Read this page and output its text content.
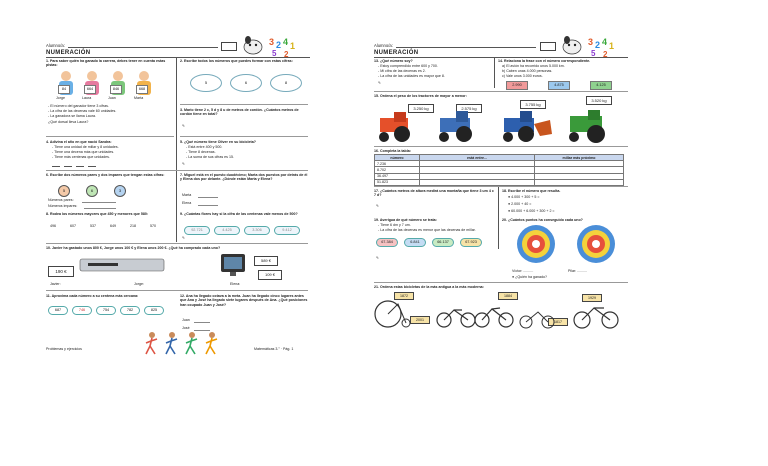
Alumno/a:	3 2 4 1
5 2
NUMERACIÓN
1. Para saber quién ha ganado la carrera, debes tener en cuenta estas pistas:
84	664	846	668
Jorge	Laura	Juan	Marta
- El número del ganador tiene 3 cifras.
- La cifra de las decenas vale 60 unidades.
- La ganadora se llama Laura.
¿Qué dorsal lleva Laura?
2. Escribe todos los números que puedes formar con estas cifras:
5	6	8
3. Mario tiene 2 c, 5 d y 8 u de metros de cordón. ¿Cuántos metros de cordón tiene en total?
✎
4. Adivina el año en que nació Sandra:
- Tiene una unidad de millar y 8 unidades.
- Tiene una decena más que unidades.
- Tiene más centenas que unidades.
5. ¿Qué número tiene Oliver en su bicicleta?
- Está entre 400 y 500.
- Tiene 8 decenas.
- La suma de sus cifras es 15.
✎
6. Escribe dos números pares y dos impares que tengan estas cifras:
5	6	3
Números pares:
Números impares:
7. Miguel está en el puesto duodécimo; Marta dos puestos por detrás de él y Elena dos por delante. ¿Dónde están Marta y Elena?
Marta
Elena
8. Rodea los números mayores que 450 y menores que 580:
496	607	537	649	218	570
9. ¿Cuántas flores hay si la cifra de las centenas vale menos de 500?
92.721	4.425	3.306	9.412
✎
10. Javier ha gastado unos 800 €, Jorge unos 100 € y Elena unos 200 €. ¿Qué ha comprado cada uno?
190 €
589 €
109 €
Javier:	Jorge:	Elena:
11. Aproxima cada número a su centena más cercana:
687	746	754	782	825
12. Ana ha llegado octava a la meta. Juan ha llegado cinco lugares antes que Ana y José ha llegado siete lugares después de Ana. ¿Qué posiciones han ocupado Juan y José?
Juan
José
Problemas y ejercicios	Matemáticas 3.° · Pág. 1
Alumno/a:	3 2 4 1
5 2
NUMERACIÓN
13. ¿Qué número soy?
- Estoy comprendido entre 600 y 700.
- Mi cifra de las decenas es 2.
- La cifra de las unidades es mayor que 8.
✎
14. Relaciona la frase con el número correspondiente.
a) El avión ha recorrido unos 5.000 km.
b) Caben unas 4.000 personas.
c) Vale unos 3.000 euros.
2.990	4.875	4.125
15. Ordena el peso de los tractores de mayor a menor:
3.250 kg	2.575 kg
3.755 kg
3.520 kg
16. Completa la tabla:
número	está entre...	millar más próximo
7.236		
8.702		
36.497		
51.823		
17. ¿Cuántos metros de altura medirá una montaña que tiene 3 um 4 c 7 d?
✎
18. Escribe el número que resulta.
● 4.000 + 300 + 5 =
● 2.000 + 40 =
● 60.000 + 6.000 + 300 + 2 =
19. Averigua de qué número se trata:
- Tiene 6 dm y 7 um.
- La cifra de las decenas es menor que las decenas de millar.
67.384	6.841	66.137	67.923
✎
20. ¿Cuántos puntos ha conseguido cada uno?
Víctor: ..........	Pilar: ..........
● ¿Quién ha ganado?
21. Ordena estas bicicletas de la más antigua a la más moderna:
1872
2001
1884
1817
1929
